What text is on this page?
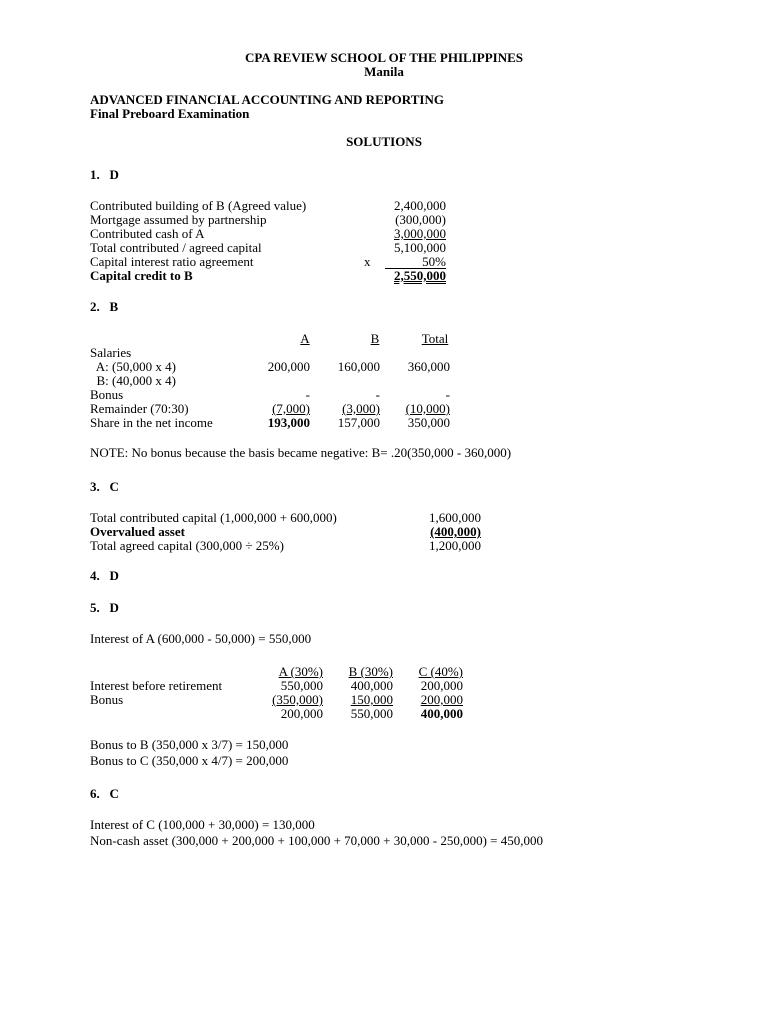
CPA REVIEW SCHOOL OF THE PHILIPPINES
Manila
ADVANCED FINANCIAL ACCOUNTING AND REPORTING
Final Preboard Examination
SOLUTIONS
1.   D
Contributed building of B (Agreed value)	2,400,000
Mortgage assumed by partnership	(300,000)
Contributed cash of A	3,000,000
Total contributed / agreed capital	5,100,000
Capital interest ratio agreement	x	50%
Capital credit to B	2,550,000
2.   B
A	B	Total
Salaries
A: (50,000 x 4)	200,000	160,000	360,000
B: (40,000 x 4)
Bonus	-	-	-
Remainder (70:30)	(7,000)	(3,000)	(10,000)
Share in the net income	193,000	157,000	350,000
NOTE: No bonus because the basis became negative: B= .20(350,000 - 360,000)
3.   C
Total contributed capital (1,000,000 + 600,000)	1,600,000
Overvalued asset	(400,000)
Total agreed capital (300,000 ÷ 25%)	1,200,000
4.   D
5.   D
Interest of A (600,000 - 50,000) = 550,000
A (30%)	B (30%)	C (40%)
Interest before retirement	550,000	400,000	200,000
Bonus	(350,000)	150,000	200,000
200,000	550,000	400,000
Bonus to B (350,000 x 3/7) = 150,000
Bonus to C (350,000 x 4/7) = 200,000
6.   C
Interest of C (100,000 + 30,000) = 130,000
Non-cash asset (300,000 + 200,000 + 100,000 + 70,000 + 30,000 - 250,000) = 450,000
